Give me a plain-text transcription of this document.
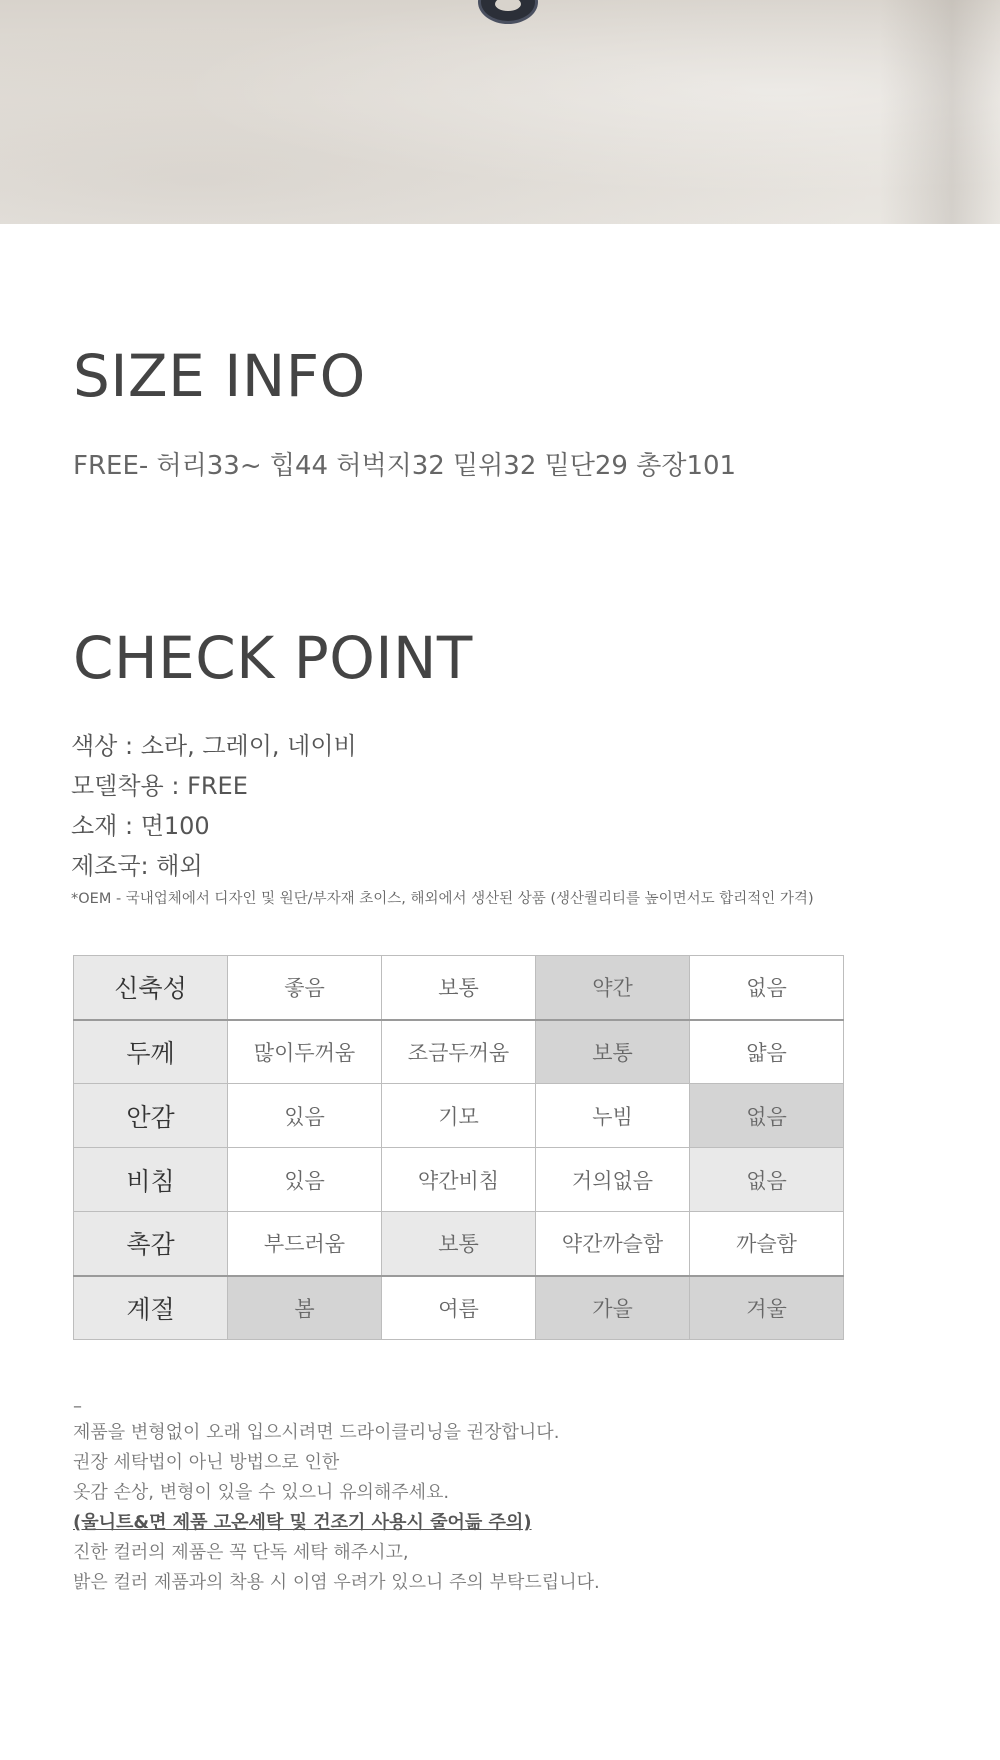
SIZE INFO
FREE- 허리33~ 힙44 허벅지32 밑위32 밑단29 총장101
CHECK POINT
색상 : 소라, 그레이, 네이비
모델착용 : FREE
소재 : 면100
제조국: 해외
*OEM - 국내업체에서 디자인 및 원단/부자재 초이스, 해외에서 생산된 상품 (생산퀄리티를 높이면서도 합리적인 가격)
신축성	좋음	보통	약간	없음
두께	많이두꺼움	조금두꺼움	보통	얇음
안감	있음	기모	누빔	없음
비침	있음	약간비침	거의없음	없음
촉감	부드러움	보통	약간까슬함	까슬함
계절	봄	여름	가을	겨울
–
제품을 변형없이 오래 입으시려면 드라이클리닝을 권장합니다.
권장 세탁법이 아닌 방법으로 인한
옷감 손상, 변형이 있을 수 있으니 유의해주세요.
(울니트&면 제품 고온세탁 및 건조기 사용시 줄어듦 주의)
진한 컬러의 제품은 꼭 단독 세탁 해주시고,
밝은 컬러 제품과의 착용 시 이염 우려가 있으니 주의 부탁드립니다.
